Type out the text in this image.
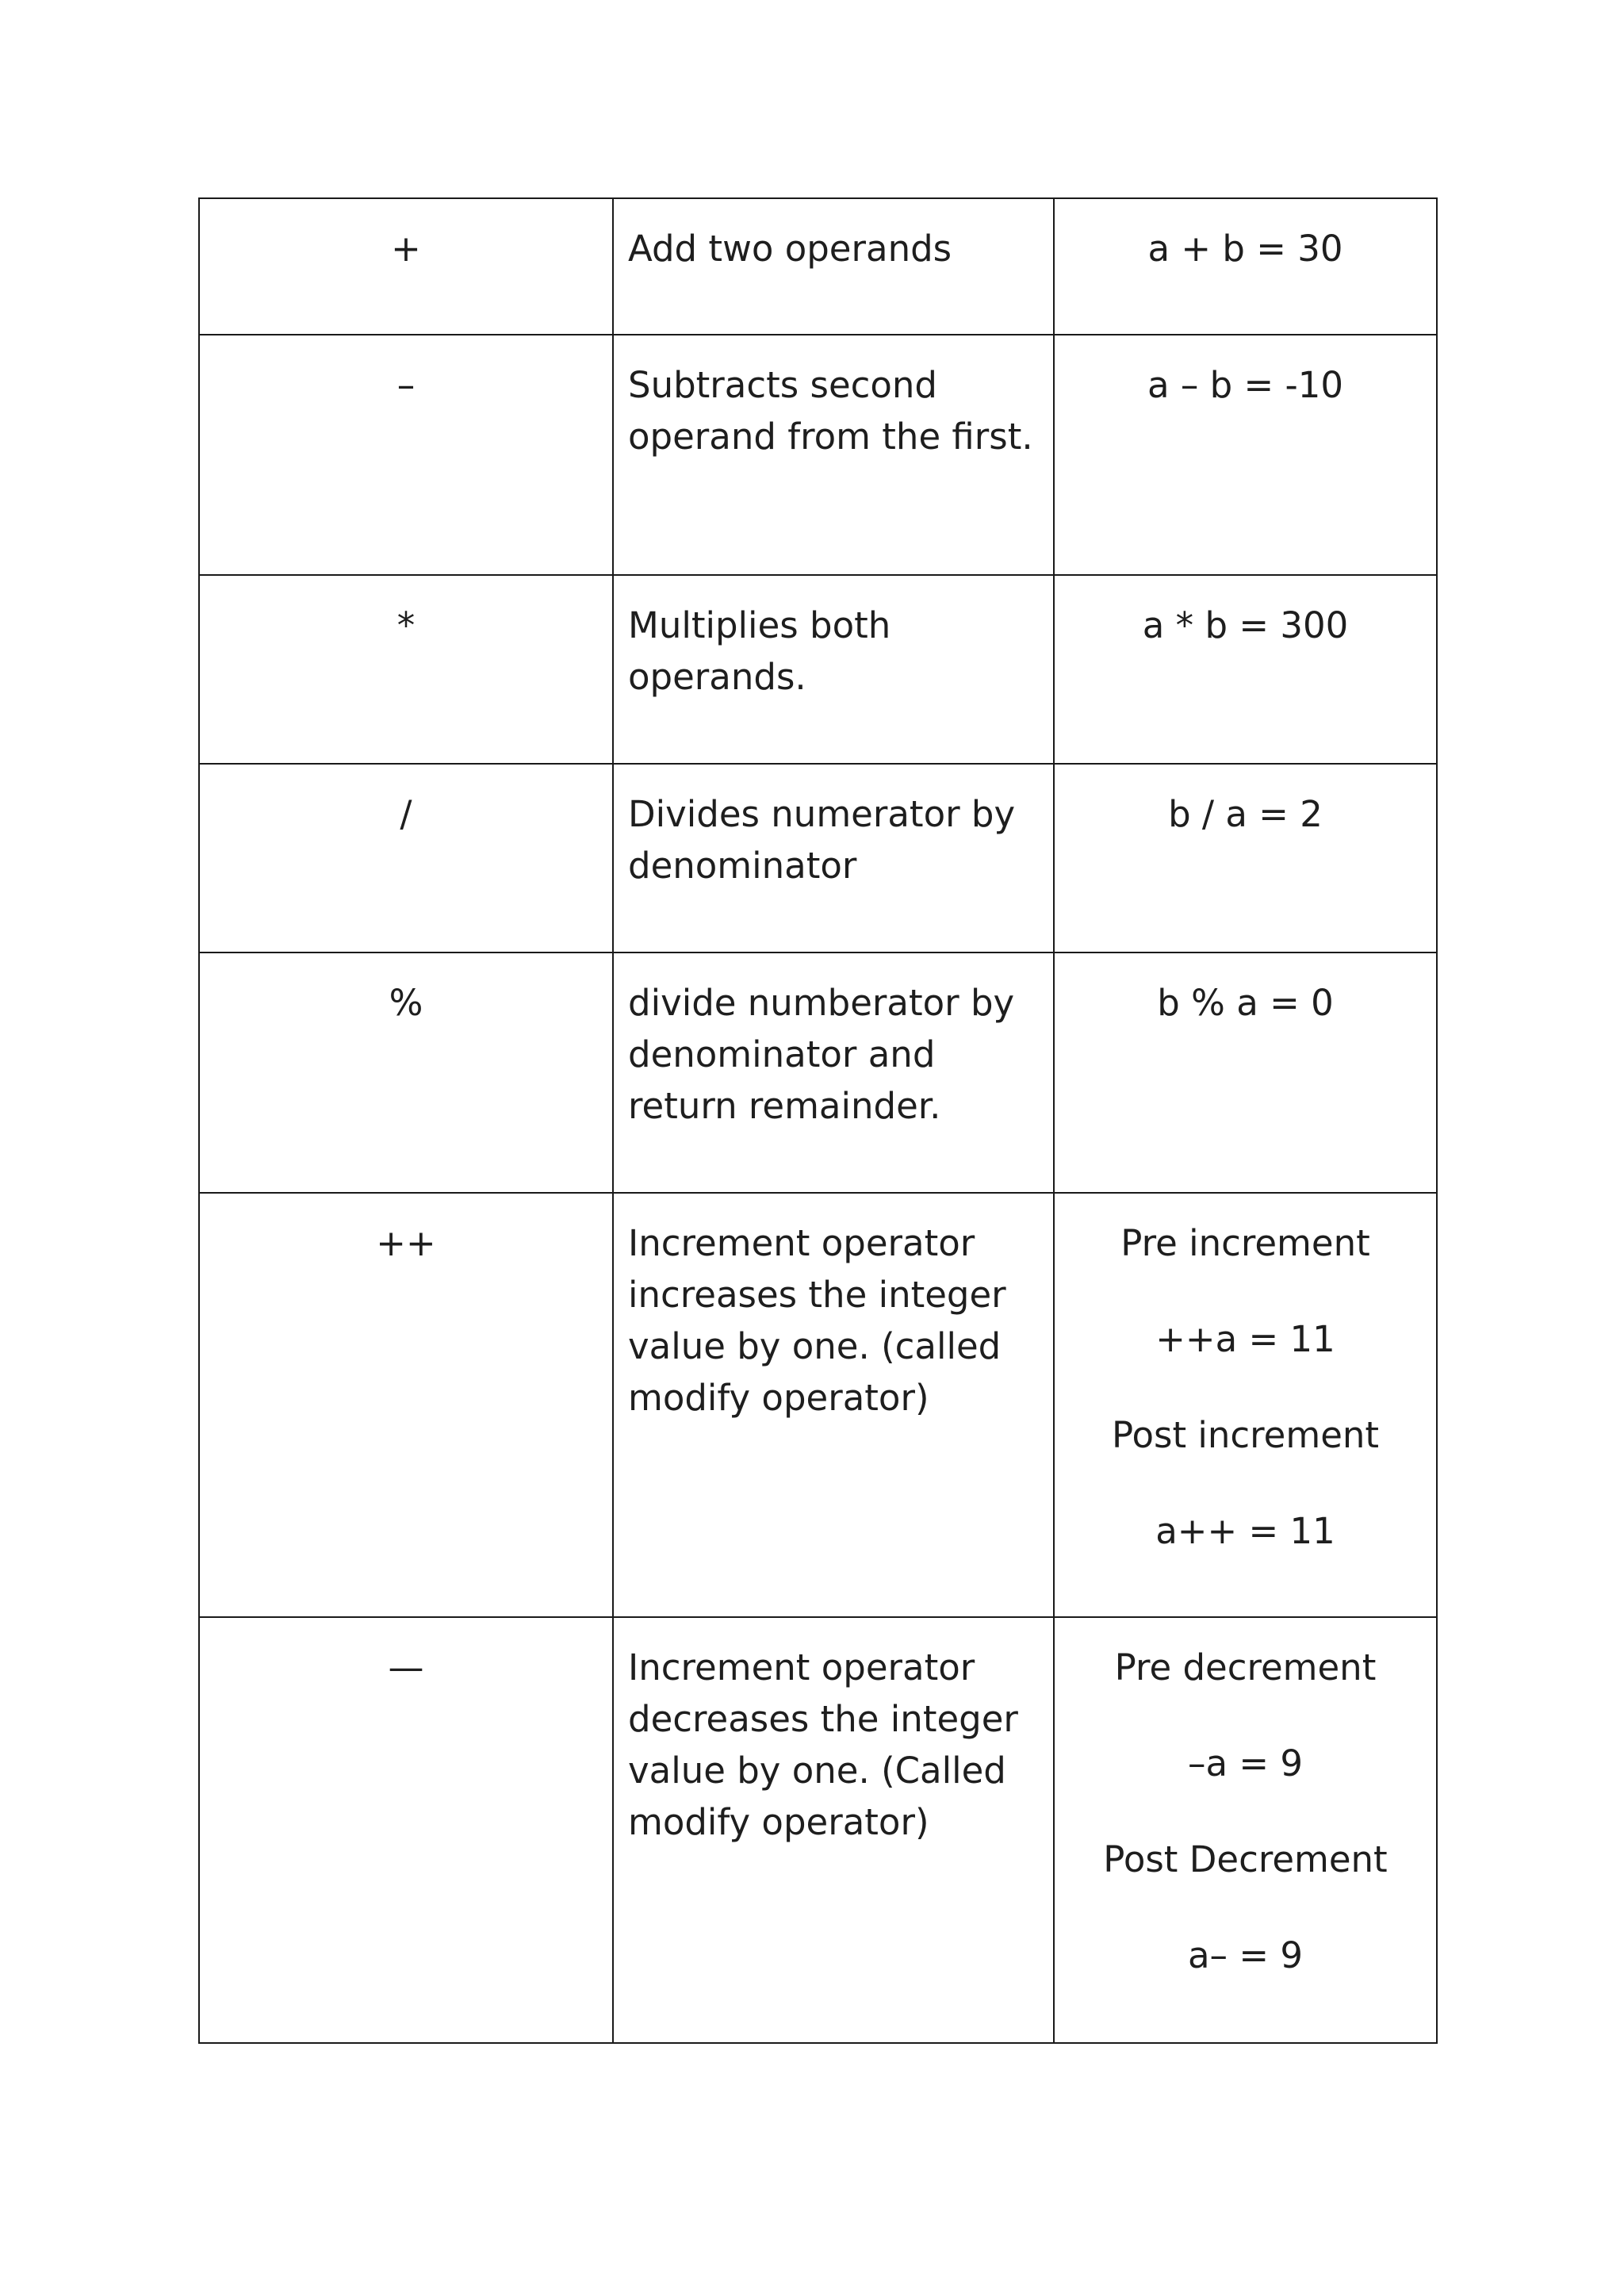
+	Add two operands	a + b = 30

–	Subtracts second operand from the first.	a – b = -10

*	Multiplies both operands.	a * b = 300

/	Divides numerator by denominator	b / a = 2

%	divide numberator by denominator and return remainder.	b % a = 0

++	Increment operator increases the integer value by one. (called modify operator)	Pre increment
++a = 11
Post increment
a++ = 11

—	Increment operator decreases the integer value by one. (Called modify operator)	Pre decrement
–a = 9
Post Decrement
a– = 9
